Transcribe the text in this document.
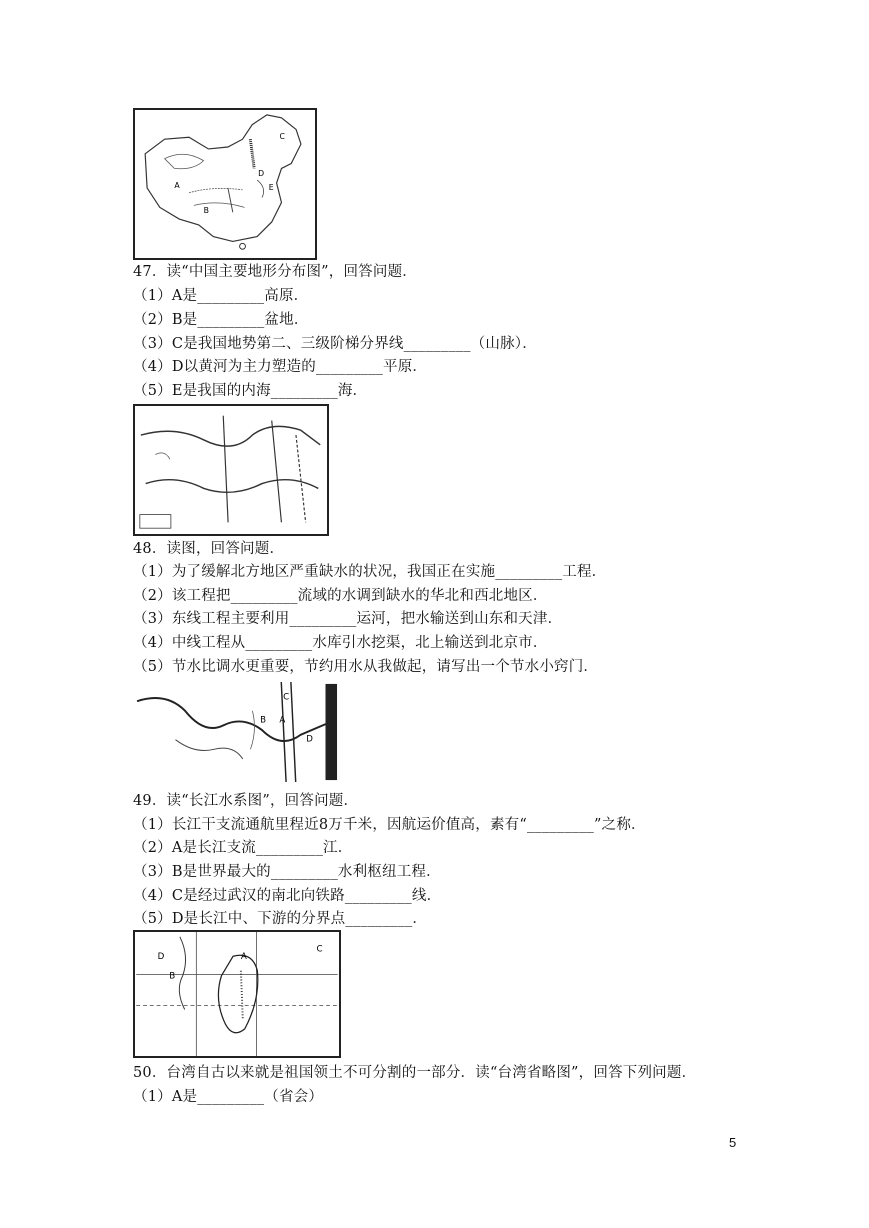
A
B
C
D
E
47．读“中国主要地形分布图”，回答问题．
（1）A是_________高原．
（2）B是_________盆地．
（3）C是我国地势第二、三级阶梯分界线_________（山脉）．
（4）D以黄河为主力塑造的_________平原．
（5）E是我国的内海_________海．
48．读图，回答问题．
（1）为了缓解北方地区严重缺水的状况，我国正在实施_________工程．
（2）该工程把_________流域的水调到缺水的华北和西北地区．
（3）东线工程主要利用_________运河，把水输送到山东和天津．
（4）中线工程从_________水库引水挖渠，北上输送到北京市．
（5）节水比调水更重要，节约用水从我做起，请写出一个节水小窍门．
A
B
C
D
49．读“长江水系图”，回答问题．
（1）长江干支流通航里程近8万千米，因航运价值高，素有“_________”之称．
（2）A是长江支流_________江．
（3）B是世界最大的_________水利枢纽工程．
（4）C是经过武汉的南北向铁路_________线．
（5）D是长江中、下游的分界点_________．
A
B
C
D
50．台湾自古以来就是祖国领土不可分割的一部分．读“台湾省略图”，回答下列问题．
（1）A是_________（省会）
5
